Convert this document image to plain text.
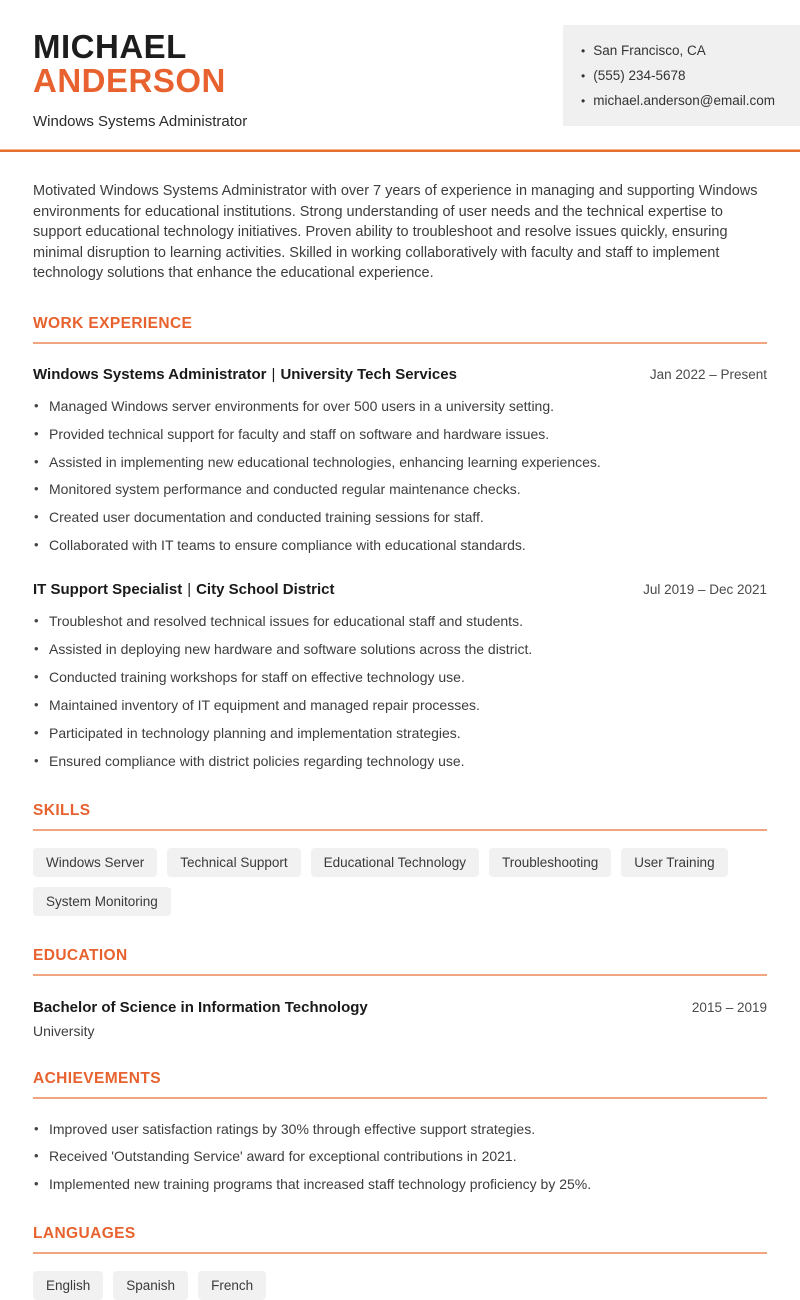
MICHAEL
ANDERSON
Windows Systems Administrator
• San Francisco, CA
• (555) 234-5678
• michael.anderson@email.com

Motivated Windows Systems Administrator with over 7 years of experience in managing and supporting Windows environments for educational institutions. Strong understanding of user needs and the technical expertise to support educational technology initiatives. Proven ability to troubleshoot and resolve issues quickly, ensuring minimal disruption to learning activities. Skilled in working collaboratively with faculty and staff to implement technology solutions that enhance the educational experience.

WORK EXPERIENCE
Windows Systems Administrator | University Tech Services	Jan 2022 – Present
• Managed Windows server environments for over 500 users in a university setting.
• Provided technical support for faculty and staff on software and hardware issues.
• Assisted in implementing new educational technologies, enhancing learning experiences.
• Monitored system performance and conducted regular maintenance checks.
• Created user documentation and conducted training sessions for staff.
• Collaborated with IT teams to ensure compliance with educational standards.
IT Support Specialist | City School District	Jul 2019 – Dec 2021
• Troubleshot and resolved technical issues for educational staff and students.
• Assisted in deploying new hardware and software solutions across the district.
• Conducted training workshops for staff on effective technology use.
• Maintained inventory of IT equipment and managed repair processes.
• Participated in technology planning and implementation strategies.
• Ensured compliance with district policies regarding technology use.
SKILLS
Windows Server	Technical Support	Educational Technology	Troubleshooting	User Training
System Monitoring
EDUCATION
Bachelor of Science in Information Technology	2015 – 2019
University
ACHIEVEMENTS
• Improved user satisfaction ratings by 30% through effective support strategies.
• Received 'Outstanding Service' award for exceptional contributions in 2021.
• Implemented new training programs that increased staff technology proficiency by 25%.
LANGUAGES
English	Spanish	French
